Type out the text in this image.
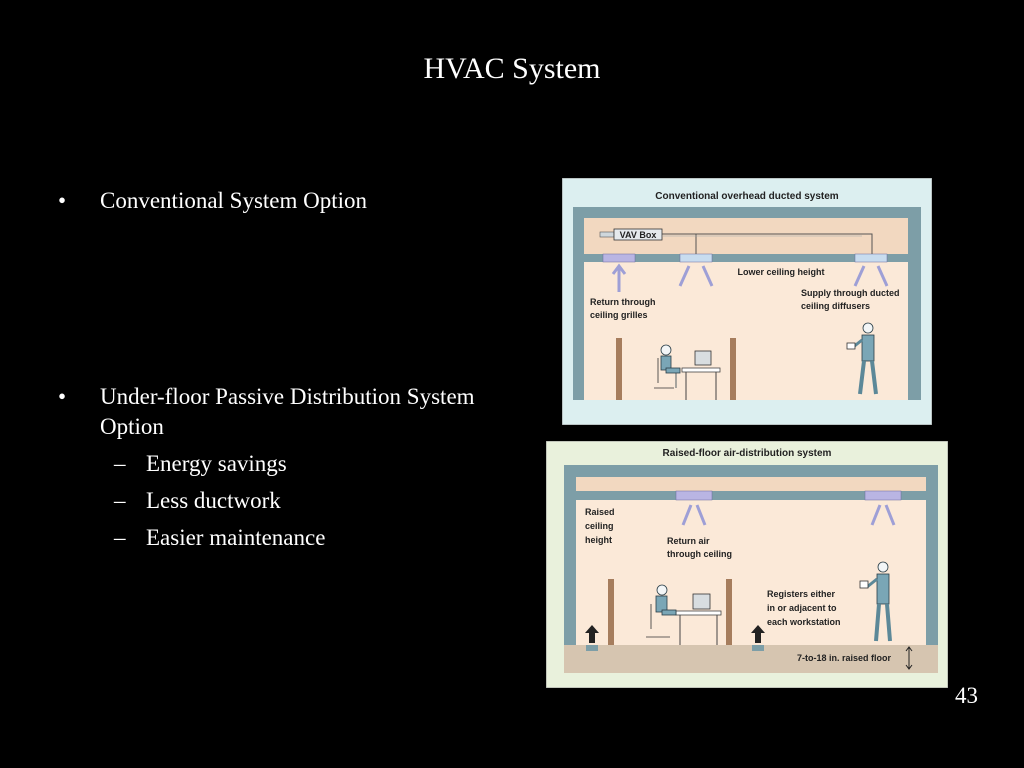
HVAC System
• Conventional System Option
• Under-floor Passive Distribution System Option
– Energy savings
– Less ductwork
– Easier maintenance
Conventional overhead ducted system
VAV Box
Lower ceiling height
Return through
ceiling grilles
Supply through ducted
ceiling diffusers
Raised-floor air-distribution system
Raised
ceiling
height	Return air
through ceiling
Registers either
in or adjacent to
each workstation
7-to-18 in. raised floor
43
